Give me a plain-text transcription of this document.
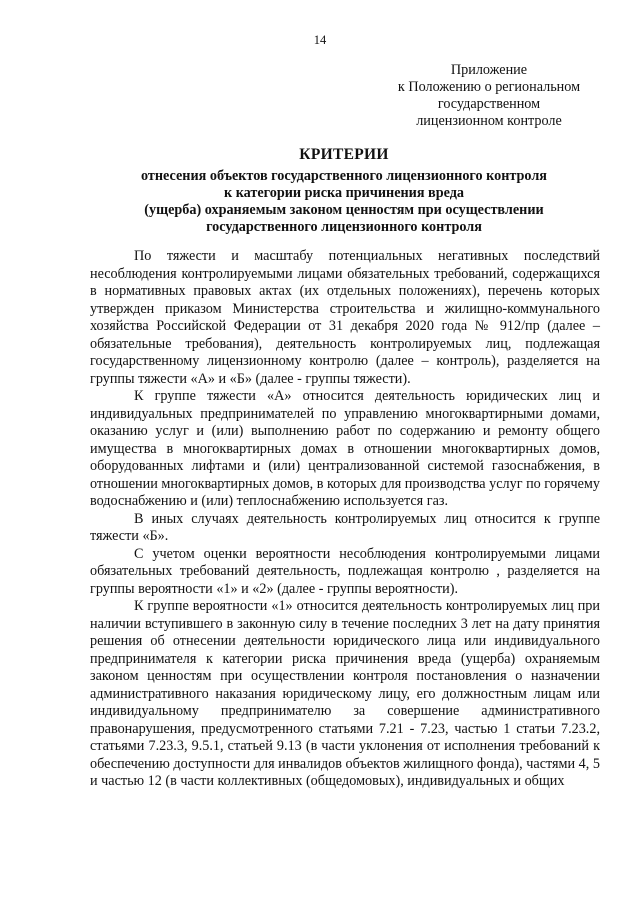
14
Приложение
к Положению о региональном
государственном
лицензионном контроле
КРИТЕРИИ
отнесения объектов государственного лицензионного контроля
к категории риска причинения вреда
(ущерба) охраняемым законом ценностям при осуществлении
государственного лицензионного контроля

По тяжести и масштабу потенциальных негативных последствий несоблюдения контролируемыми лицами обязательных требований, содержащихся в нормативных правовых актах (их отдельных положениях), перечень которых утвержден приказом Министерства строительства и жилищно-коммунального хозяйства Российской Федерации от 31 декабря 2020 года № 912/пр (далее – обязательные требования), деятельность контролируемых лиц, подлежащая государственному лицензионному контролю (далее – контроль), разделяется на группы тяжести «А» и «Б» (далее - группы тяжести).

К группе тяжести «А» относится деятельность юридических лиц и индивидуальных предпринимателей по управлению многоквартирными домами, оказанию услуг и (или) выполнению работ по содержанию и ремонту общего имущества в многоквартирных домах в отношении многоквартирных домов, оборудованных лифтами и (или) централизованной системой газоснабжения, в отношении многоквартирных домов, в которых для производства услуг по горячему водоснабжению и (или) теплоснабжению используется газ.

В иных случаях деятельность контролируемых лиц относится к группе тяжести «Б».

С учетом оценки вероятности несоблюдения контролируемыми лицами обязательных требований деятельность, подлежащая контролю , разделяется на группы вероятности «1» и «2» (далее - группы вероятности).

К группе вероятности «1» относится деятельность контролируемых лиц при наличии вступившего в законную силу в течение последних 3 лет на дату принятия решения об отнесении деятельности юридического лица или индивидуального предпринимателя к категории риска причинения вреда (ущерба) охраняемым законом ценностям при осуществлении контроля постановления о назначении административного наказания юридическому лицу, его должностным лицам или индивидуальному предпринимателю за совершение административного правонарушения, предусмотренного статьями 7.21 - 7.23, частью 1 статьи 7.23.2, статьями 7.23.3, 9.5.1, статьей 9.13 (в части уклонения от исполнения требований к обеспечению доступности для инвалидов объектов жилищного фонда), частями 4, 5 и частью 12 (в части коллективных (общедомовых), индивидуальных и общих
